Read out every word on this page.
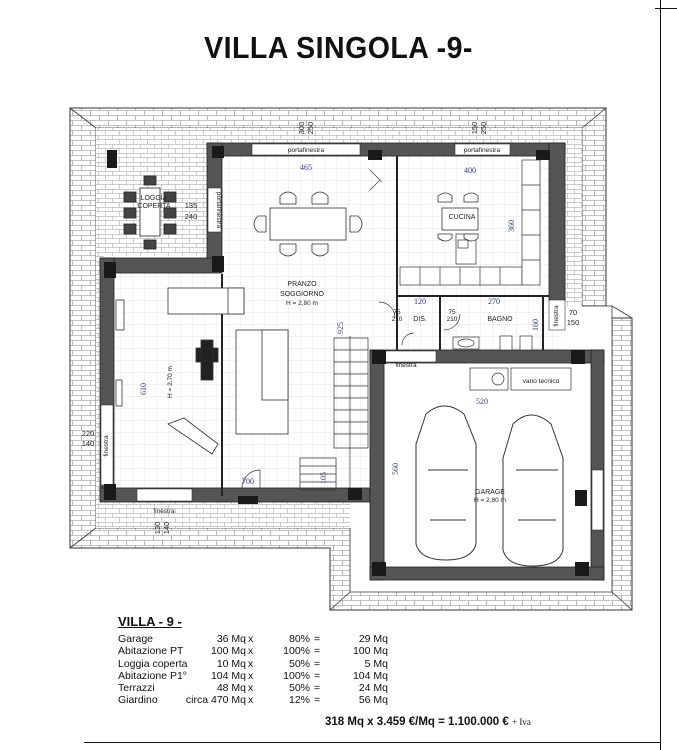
VILLA SINGOLA -9-
LOGGIA
COPERTA
PRANZO
SOGGIORNO
H = 2,80 m
CUCINA
DIS.	BAGNO
vano tecnico
GARAGE
H = 2,80 m
H = 2,70 m
portafinestra	portafinestra
portafinestra
finestra
finestra
finestra
finestra
465	400
360
270
120
925
610
520
560
700	105
160
300 250	150 250
135
240
220
140
130 140
70
150
75
210
75
210
VILLA - 9 -
Garage	36 Mq x	80% =	29 Mq
Abitazione PT	100 Mq x	100% =	100 Mq
Loggia coperta	10 Mq x	50% =	5 Mq
Abitazione P1° 104 Mq x	100% =	104 Mq
Terrazzi	48 Mq x	50% =	24 Mq
Giardino	circa 470 Mq x	12% =	56 Mq
318 Mq x 3.459 €/Mq = 1.100.000 € + Iva
